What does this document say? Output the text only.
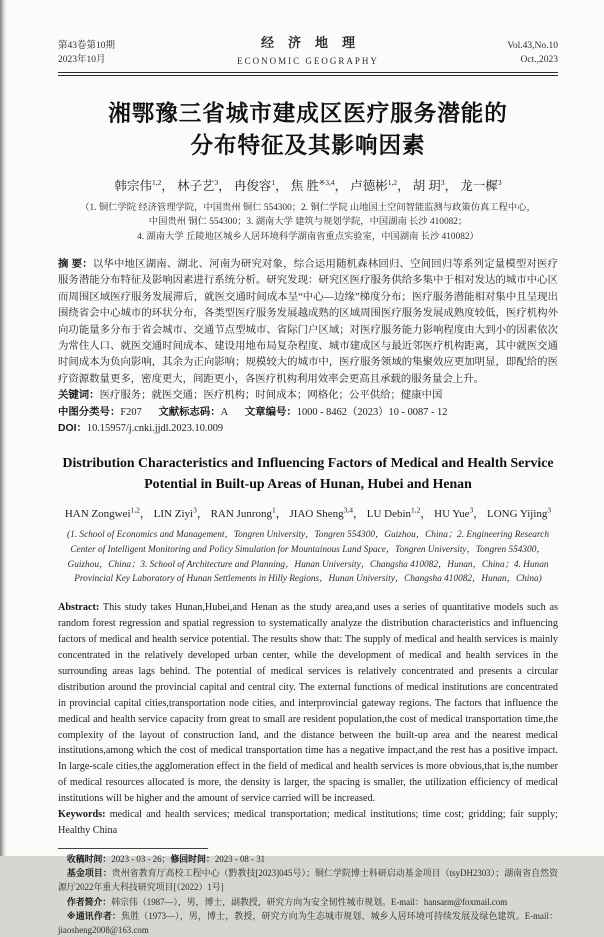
第43卷第10期
2023年10月
经济地理
ECONOMIC GEOGRAPHY
Vol.43,No.10
Oct.,2023
湘鄂豫三省城市建成区医疗服务潜能的
分布特征及其影响因素
韩宗伟$^{1,2}$， 林子艺$^3$， 冉俊容$^1$， 焦 胜$^{※3,4}$， 卢德彬$^{1,2}$， 胡 玥$^3$， 龙一樨$^3$
（1. 铜仁学院 经济管理学院，中国贵州 铜仁 554300；2. 铜仁学院 山地国土空间智能监测与政策仿真工程中心，
中国贵州 铜仁 554300；3. 湖南大学 建筑与规划学院，中国湖南 长沙 410082；
4. 湖南大学 丘陵地区城乡人居环境科学湖南省重点实验室，中国湖南 长沙 410082）

摘 要：以华中地区湖南、湖北、河南为研究对象，综合运用随机森林回归、空间回归等系列定量模型对医疗服务潜能分布特征及影响因素进行系统分析。研究发现：研究区医疗服务供给多集中于相对发达的城市中心区而周围区域医疗服务发展滞后，就医交通时间成本呈“中心—边缘”梯度分布；医疗服务潜能相对集中且呈现出围绕省会中心城市的环状分布，各类型医疗服务发展越成熟的区域周围医疗服务发展成熟度较低，医疗机构外向功能量多分布于省会城市、交通节点型城市、省际门户区域；对医疗服务能力影响程度由大到小的因素依次为常住人口、就医交通时间成本、建设用地布局复杂程度、城市建成区与最近邻医疗机构距离，其中就医交通时间成本为负向影响，其余为正向影响；规模较大的城市中，医疗服务领域的集聚效应更加明显，即配给的医疗资源数量更多，密度更大，间距更小，各医疗机构利用效率会更高且承载的服务量会上升。

关键词：医疗服务；就医交通；医疗机构；时间成本；网格化；公平供给；健康中国

中图分类号：F207 文献标志码：A 文章编号：1000 - 8462（2023）10 - 0087 - 12

DOI：10.15957/j.cnki.jjdl.2023.10.009

Distribution Characteristics and Influencing Factors of Medical and Health Service
Potential in Built-up Areas of Hunan, Hubei and Henan
HAN Zongwei$^{1,2}$， LIN Ziyi$^3$， RAN Junrong$^1$， JIAO Sheng$^{3,4}$， LU Debin$^{1,2}$， HU Yue$^3$， LONG Yijing$^3$

(1. School of Economics and Management，Tongren University，Tongren 554300，Guizhou，China；2. Engineering Research Center of Intelligent Monitoring and Policy Simulation for Mountainous Land Space，Tongren University，Tongren 554300，Guizhou，China；3. School of Architecture and Planning，Hunan University，Changsha 410082，Hunan，China；4. Hunan Provincial Key Laboratory of Hunan Settlements in Hilly Regions，Hunan University，Changsha 410082，Hunan，China)

Abstract: This study takes Hunan,Hubei,and Henan as the study area,and uses a series of quantitative models such as random forest regression and spatial regression to systematically analyze the distribution characteristics and influencing factors of medical and health service potential. The results show that: The supply of medical and health services is mainly concentrated in the relatively developed urban center, while the development of medical and health services in the surrounding areas lags behind. The potential of medical services is relatively concentrated and presents a circular distribution around the provincial capital and central city. The external functions of medical institutions are concentrated in provincial capital cities,transportation node cities, and interprovincial gateway regions. The factors that influence the medical and health service capacity from great to small are resident population,the cost of medical transportation time,the complexity of the layout of construction land, and the distance between the built-up area and the nearest medical institutions,among which the cost of medical transportation time has a negative impact,and the rest has a positive impact. In large-scale cities,the agglomeration effect in the field of medical and health services is more obvious,that is,the number of medical resources allocated is more, the density is larger, the spacing is smaller, the utilization efficiency of medical institutions will be higher and the amount of service carried will be increased.

Keywords: medical and health services; medical transportation; medical institutions; time cost; gridding; fair supply; Healthy China

收稿时间：2023 - 03 - 26；修回时间：2023 - 08 - 31

基金项目：贵州省教育厅高校工程中心（黔教技[2023]045号）；铜仁学院博士科研启动基金项目（tsyDH2303）；湖南省自然资源厅2022年重大科技研究项目[（2022）1号]

作者简介：韩宗伟（1987—），男，博士，副教授，研究方向为安全韧性城市规划。E-mail：hansarm@foxmail.com

※通讯作者：焦胜（1973—），男，博士，教授，研究方向为生态城市规划、城乡人居环境可持续发展及绿色建筑。E-mail：jiaosheng2008@163.com
